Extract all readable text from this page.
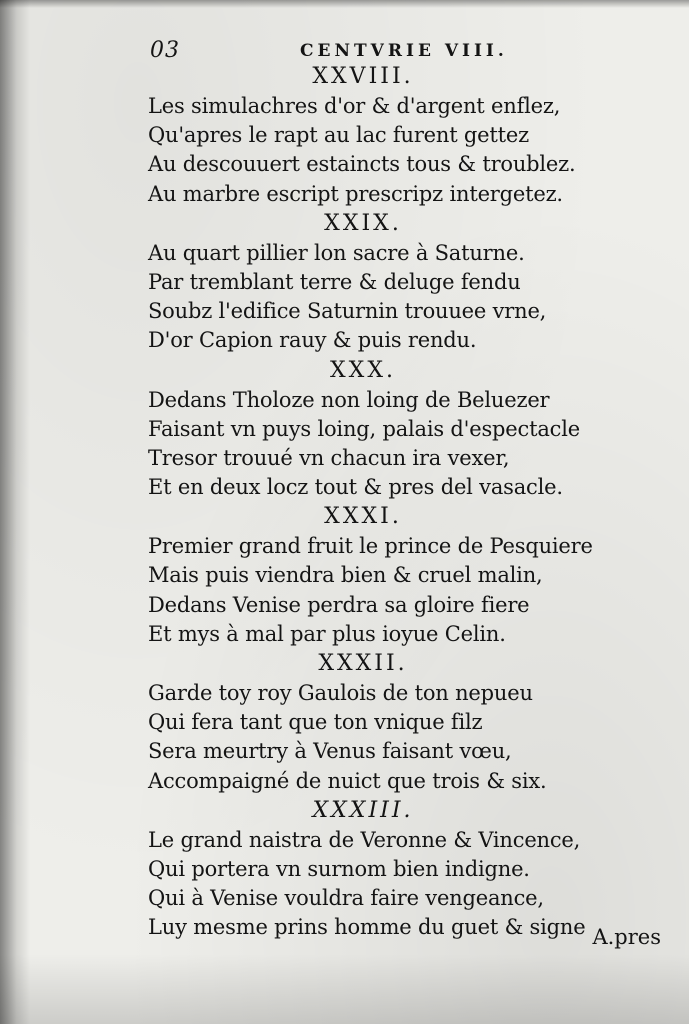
03	CENTVRIE VIII.
XXVIII.
Les simulachres d'or & d'argent enflez,
Qu'apres le rapt au lac furent gettez
Au descouuert estaincts tous & troublez.
Au marbre escript prescripz intergetez.
XXIX.
Au quart pillier lon sacre à Saturne.
Par tremblant terre & deluge fendu
Soubz l'edifice Saturnin trouuee vrne,
D'or Capion rauy & puis rendu.
XXX.
Dedans Tholoze non loing de Beluezer
Faisant vn puys loing, palais d'espectacle
Tresor trouué vn chacun ira vexer,
Et en deux locz tout & pres del vasacle.
XXXI.
Premier grand fruit le prince de Pesquiere
Mais puis viendra bien & cruel malin,
Dedans Venise perdra sa gloire fiere
Et mys à mal par plus ioyue Celin.
XXXII.
Garde toy roy Gaulois de ton nepueu
Qui fera tant que ton vnique filz
Sera meurtry à Venus faisant vœu,
Accompaigné de nuict que trois & six.
XXXIII.
Le grand naistra de Veronne & Vincence,
Qui portera vn surnom bien indigne.
Qui à Venise vouldra faire vengeance,
Luy mesme prins homme du guet & signe A.pres
